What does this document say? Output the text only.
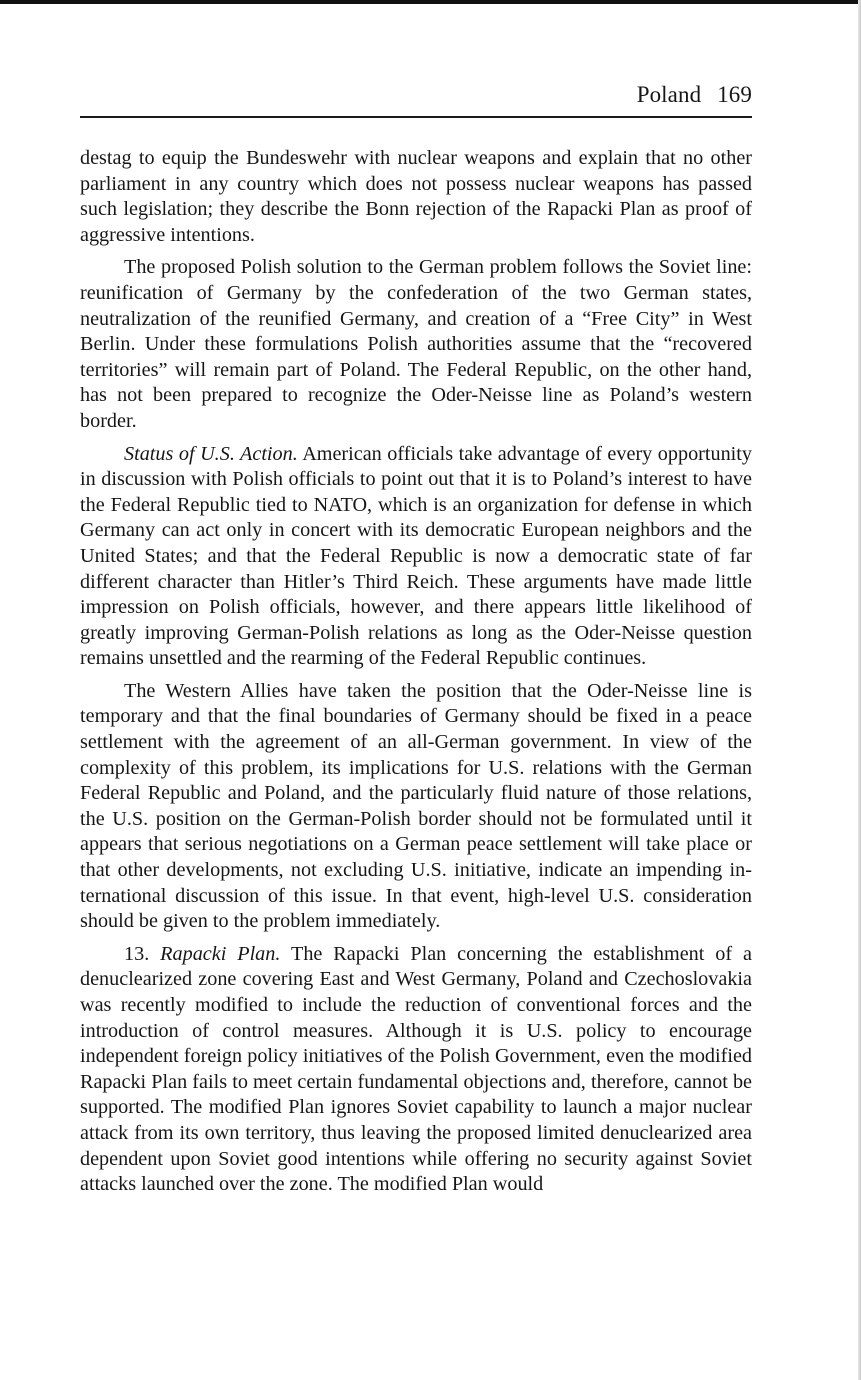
Poland 169

destag to equip the Bundeswehr with nuclear weapons and explain that no other parliament in any country which does not possess nuclear weapons has passed such legislation; they describe the Bonn rejection of the Rapacki Plan as proof of aggressive intentions.

The proposed Polish solution to the German problem follows the Soviet line: reunification of Germany by the confederation of the two German states, neutralization of the reunified Germany, and creation of a “Free City” in West Berlin. Under these formulations Polish authorities assume that the “recovered territories” will remain part of Poland. The Federal Republic, on the other hand, has not been prepared to recognize the Oder-Neisse line as Poland’s western border.

Status of U.S. Action. American officials take advantage of every opportunity in discussion with Polish officials to point out that it is to Poland’s interest to have the Federal Republic tied to NATO, which is an organization for defense in which Germany can act only in concert with its democratic European neighbors and the United States; and that the Federal Republic is now a democratic state of far different character than Hitler’s Third Reich. These arguments have made little impression on Polish officials, however, and there appears little likelihood of greatly improving German-Polish relations as long as the Oder-Neisse question remains unsettled and the rearming of the Federal Republic continues.

The Western Allies have taken the position that the Oder-Neisse line is temporary and that the final boundaries of Germany should be fixed in a peace settlement with the agreement of an all-German government. In view of the complexity of this problem, its implications for U.S. relations with the German Federal Republic and Poland, and the particularly fluid nature of those relations, the U.S. position on the German-Polish border should not be formulated until it appears that serious negotiations on a German peace settlement will take place or that other developments, not excluding U.S. initiative, indicate an impending international discussion of this issue. In that event, high-level U.S. consideration should be given to the problem immediately.

13. Rapacki Plan. The Rapacki Plan concerning the establishment of a denuclearized zone covering East and West Germany, Poland and Czechoslovakia was recently modified to include the reduction of conventional forces and the introduction of control measures. Although it is U.S. policy to encourage independent foreign policy initiatives of the Polish Government, even the modified Rapacki Plan fails to meet certain fundamental objections and, therefore, cannot be supported. The modified Plan ignores Soviet capability to launch a major nuclear attack from its own territory, thus leaving the proposed limited denuclearized area dependent upon Soviet good intentions while offering no security against Soviet attacks launched over the zone. The modified Plan would
